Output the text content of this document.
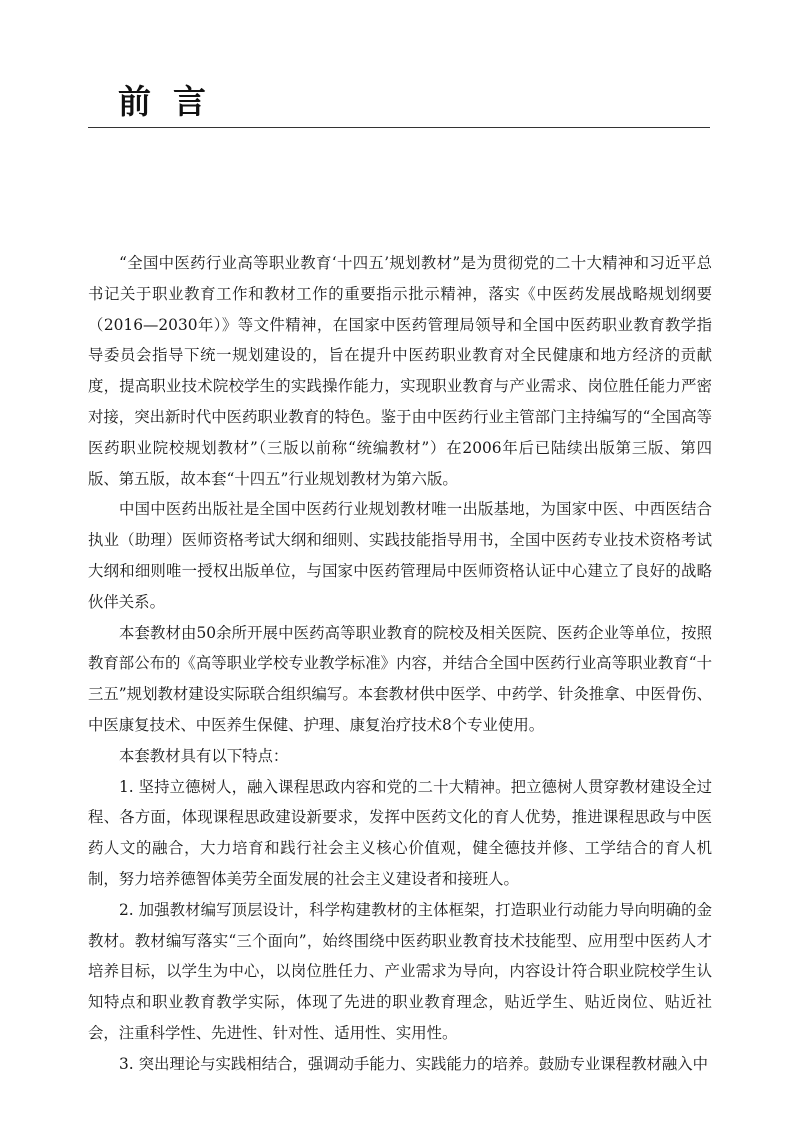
前言

“全国中医药行业高等职业教育‘十四五’规划教材”是为贯彻党的二十大精神和习近平总书记关于职业教育工作和教材工作的重要指示批示精神，落实《中医药发展战略规划纲要（2016—2030年）》等文件精神，在国家中医药管理局领导和全国中医药职业教育教学指导委员会指导下统一规划建设的，旨在提升中医药职业教育对全民健康和地方经济的贡献度，提高职业技术院校学生的实践操作能力，实现职业教育与产业需求、岗位胜任能力严密对接，突出新时代中医药职业教育的特色。鉴于由中医药行业主管部门主持编写的“全国高等医药职业院校规划教材”（三版以前称“统编教材”）在2006年后已陆续出版第三版、第四版、第五版，故本套“十四五”行业规划教材为第六版。

中国中医药出版社是全国中医药行业规划教材唯一出版基地，为国家中医、中西医结合执业（助理）医师资格考试大纲和细则、实践技能指导用书，全国中医药专业技术资格考试大纲和细则唯一授权出版单位，与国家中医药管理局中医师资格认证中心建立了良好的战略伙伴关系。

本套教材由50余所开展中医药高等职业教育的院校及相关医院、医药企业等单位，按照教育部公布的《高等职业学校专业教学标准》内容，并结合全国中医药行业高等职业教育“十三五”规划教材建设实际联合组织编写。本套教材供中医学、中药学、针灸推拿、中医骨伤、中医康复技术、中医养生保健、护理、康复治疗技术8个专业使用。

本套教材具有以下特点：

1. 坚持立德树人，融入课程思政内容和党的二十大精神。把立德树人贯穿教材建设全过程、各方面，体现课程思政建设新要求，发挥中医药文化的育人优势，推进课程思政与中医药人文的融合，大力培育和践行社会主义核心价值观，健全德技并修、工学结合的育人机制，努力培养德智体美劳全面发展的社会主义建设者和接班人。

2. 加强教材编写顶层设计，科学构建教材的主体框架，打造职业行动能力导向明确的金教材。教材编写落实“三个面向”，始终围绕中医药职业教育技术技能型、应用型中医药人才培养目标，以学生为中心，以岗位胜任力、产业需求为导向，内容设计符合职业院校学生认知特点和职业教育教学实际，体现了先进的职业教育理念，贴近学生、贴近岗位、贴近社会，注重科学性、先进性、针对性、适用性、实用性。

3. 突出理论与实践相结合，强调动手能力、实践能力的培养。鼓励专业课程教材融入中
